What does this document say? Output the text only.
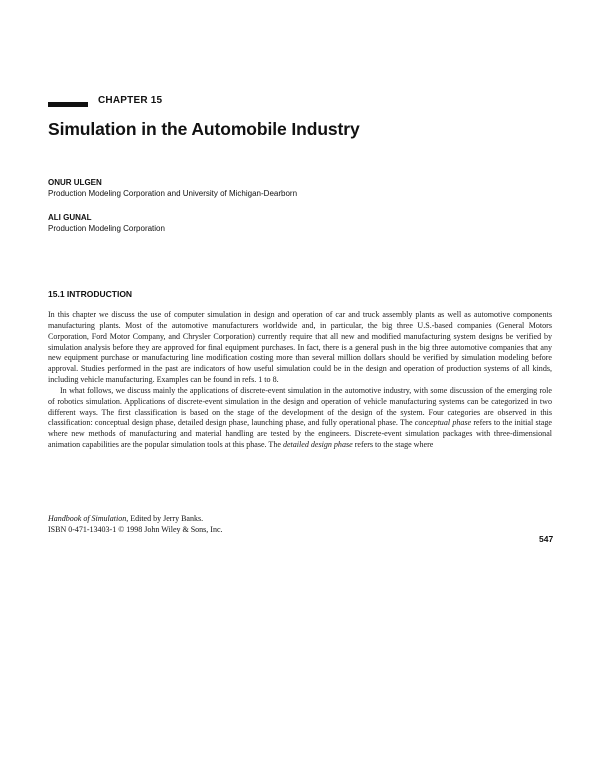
CHAPTER 15
Simulation in the Automobile Industry
ONUR ULGEN
Production Modeling Corporation and University of Michigan-Dearborn
ALI GUNAL
Production Modeling Corporation
15.1 INTRODUCTION

In this chapter we discuss the use of computer simulation in design and operation of car and truck assembly plants as well as automotive components manufacturing plants. Most of the automotive manufacturers worldwide and, in particular, the big three U.S.-based companies (General Motors Corporation, Ford Motor Company, and Chrysler Corporation) currently require that all new and modified manufacturing system designs be verified by simulation analysis before they are approved for final equipment purchases. In fact, there is a general push in the big three automotive companies that any new equipment purchase or manufacturing line modification costing more than several million dollars should be verified by simulation modeling before approval. Studies performed in the past are indicators of how useful simulation could be in the design and operation of production systems of all kinds, including vehicle manufacturing. Examples can be found in refs. 1 to 8.

In what follows, we discuss mainly the applications of discrete-event simulation in the automotive industry, with some discussion of the emerging role of robotics simulation. Applications of discrete-event simulation in the design and operation of vehicle manufacturing systems can be categorized in two different ways. The first classification is based on the stage of the development of the design of the system. Four categories are observed in this classification: conceptual design phase, detailed design phase, launching phase, and fully operational phase. The conceptual phase refers to the initial stage where new methods of manufacturing and material handling are tested by the engineers. Discrete-event simulation packages with three-dimensional animation capabilities are the popular simulation tools at this phase. The detailed design phase refers to the stage where

Handbook of Simulation, Edited by Jerry Banks.
ISBN 0-471-13403-1 © 1998 John Wiley & Sons, Inc.
547
